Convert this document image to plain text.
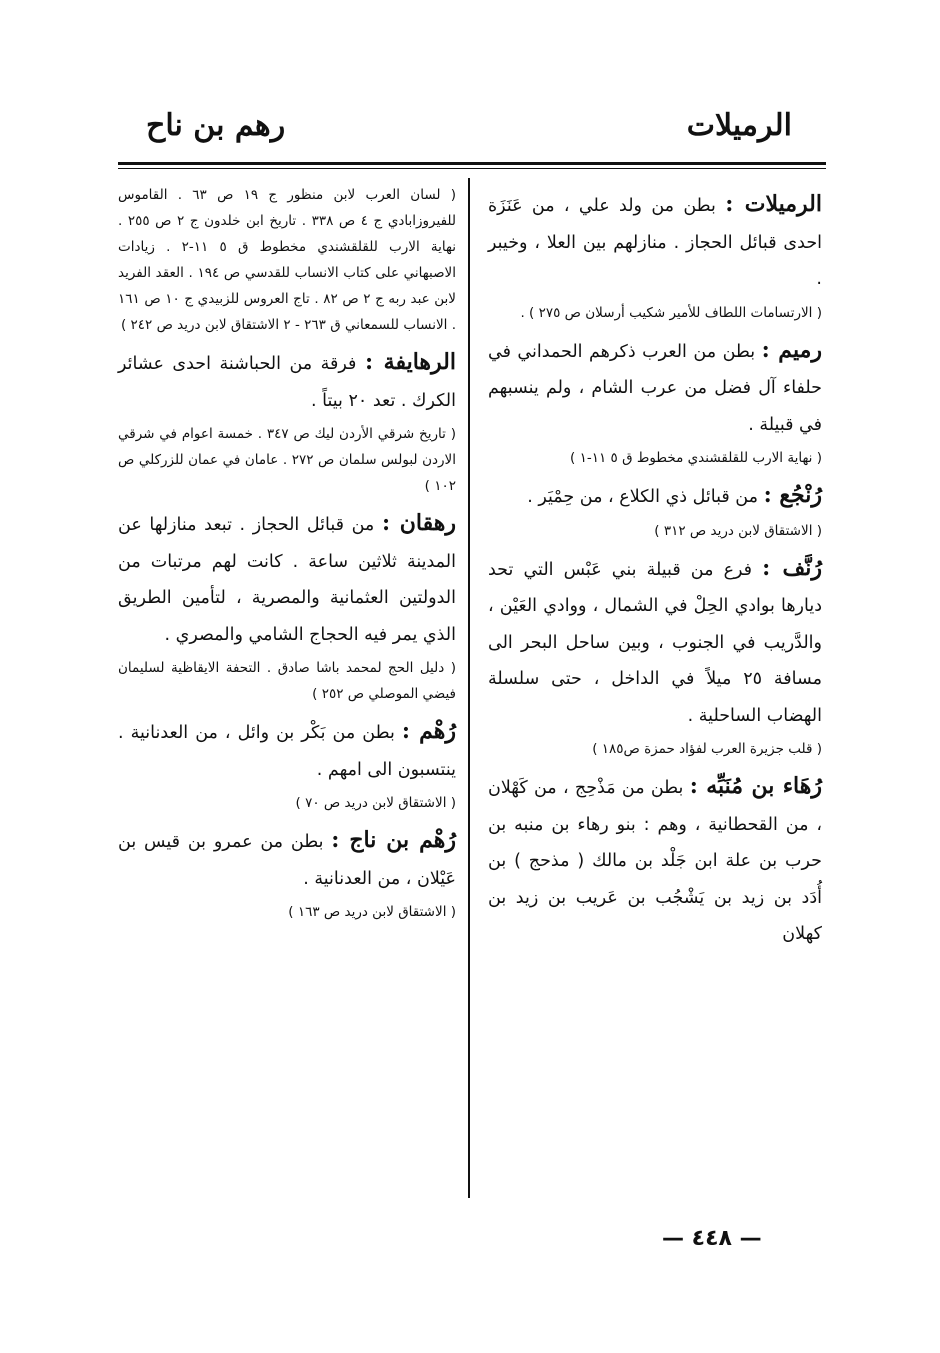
الرميلات
رهم بن ناح

الرميلات : بطن من ولد علي ، من عَنَزَة احدى قبائل الحجاز . منازلهم بين العلا ، وخيبر .

( الارتسامات اللطاف للأمير شكيب أرسلان ص ٢٧٥ ) .

رميم : بطن من العرب ذكرهم الحمداني في حلفاء آل فضل من عرب الشام ، ولم ينسبهم في قبيلة .

( نهاية الارب للقلقشندي مخطوط ق ٥ ١١-١ )

رُنْجُع : من قبائل ذي الكلاع ، من حِمْيَر .

( الاشتقاق لابن دريد ص ٣١٢ )

رُنَّف : فرع من قبيلة بني عَبْس التي تحد ديارها بوادي الحِلْ في الشمال ، ووادي العَيْن ، والدَّريب في الجنوب ، وبين ساحل البحر الى مسافة ٢٥ ميلاً في الداخل ، حتى سلسلة الهضاب الساحلية .

( قلب جزيرة العرب لفؤاد حمزة ص١٨٥ )

رُهَاء بن مُنَبِّه : بطن من مَذْحِج ، من كَهْلان ، من القحطانية ، وهم : بنو رهاء بن منبه بن حرب بن علة ابن جَلْد بن مالك ( مذحج ) بن أُدَد بن زيد بن يَشْجُب بن عَريب بن زيد بن كهلان

( لسان العرب لابن منظور ج ١٩ ص ٦٣ . القاموس للفيروزابادي ج ٤ ص ٣٣٨ . تاريخ ابن خلدون ج ٢ ص ٢٥٥ . نهاية الارب للقلقشندي مخطوط ق ٥ ١١-٢ . زيادات الاصبهاني على كتاب الانساب للقدسي ص ١٩٤ . العقد الفريد لابن عبد ربه ج ٢ ص ٨٢ . تاج العروس للزبيدي ج ١٠ ص ١٦١ . الانساب للسمعاني ق ٢٦٣ - ٢ الاشتقاق لابن دريد ص ٢٤٢ )

الرهايفة : فرقة من الحباشنة احدى عشائر الكرك . تعد ٢٠ بيتاً .

( تاريخ شرقي الأردن ليك ص ٣٤٧ . خمسة اعوام في شرقي الاردن لبولس سلمان ص ٢٧٢ . عامان في عمان للزركلي ص ١٠٢ )

رهقان : من قبائل الحجاز . تبعد منازلها عن المدينة ثلاثين ساعة . كانت لهم مرتبات من الدولتين العثمانية والمصرية ، لتأمين الطريق الذي يمر فيه الحجاج الشامي والمصري .

( دليل الحج لمحمد باشا صادق . التحفة الايقاظية لسليمان فيضي الموصلي ص ٢٥٢ )

رُهْم : بطن من بَكْر بن وائل ، من العدنانية . ينتسبون الى امهم .

( الاشتقاق لابن دريد ص ٧٠ )

رُهْم بن ناج : بطن من عمرو بن قيس بن عَيْلان ، من العدنانية .

( الاشتقاق لابن دريد ص ١٦٣ )

— ٤٤٨ —
